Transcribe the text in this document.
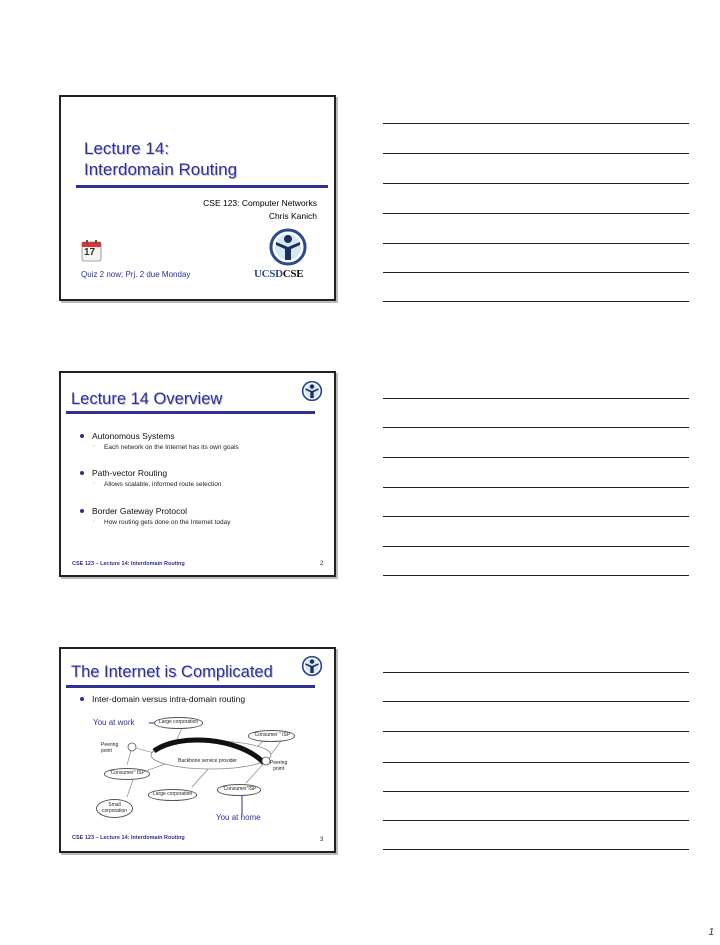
Lecture 14:
Interdomain Routing
CSE 123: Computer Networks
Chris Kanich
17
Quiz 2 now; Prj. 2 due Monday	UCSDCSE
Lecture 14 Overview
Autonomous Systems
◦ Each network on the Internet has its own goals
Path-vector Routing
◦ Allows scalable, informed route selection
Border Gateway Protocol
◦ How routing gets done on the Internet today
CSE 123 – Lecture 14: Interdomain Routing	2
The Internet is Complicated
Inter-domain versus intra-domain routing
You at work	Large corporation
“Consumer ” ISP
Peering
point
Backbone service provider	Peering
point
“Consumer” ISP
“Consumer”ISP
Large corporation
Small
corporation
You at home
CSE 123 – Lecture 14: Interdomain Routing	3
1
